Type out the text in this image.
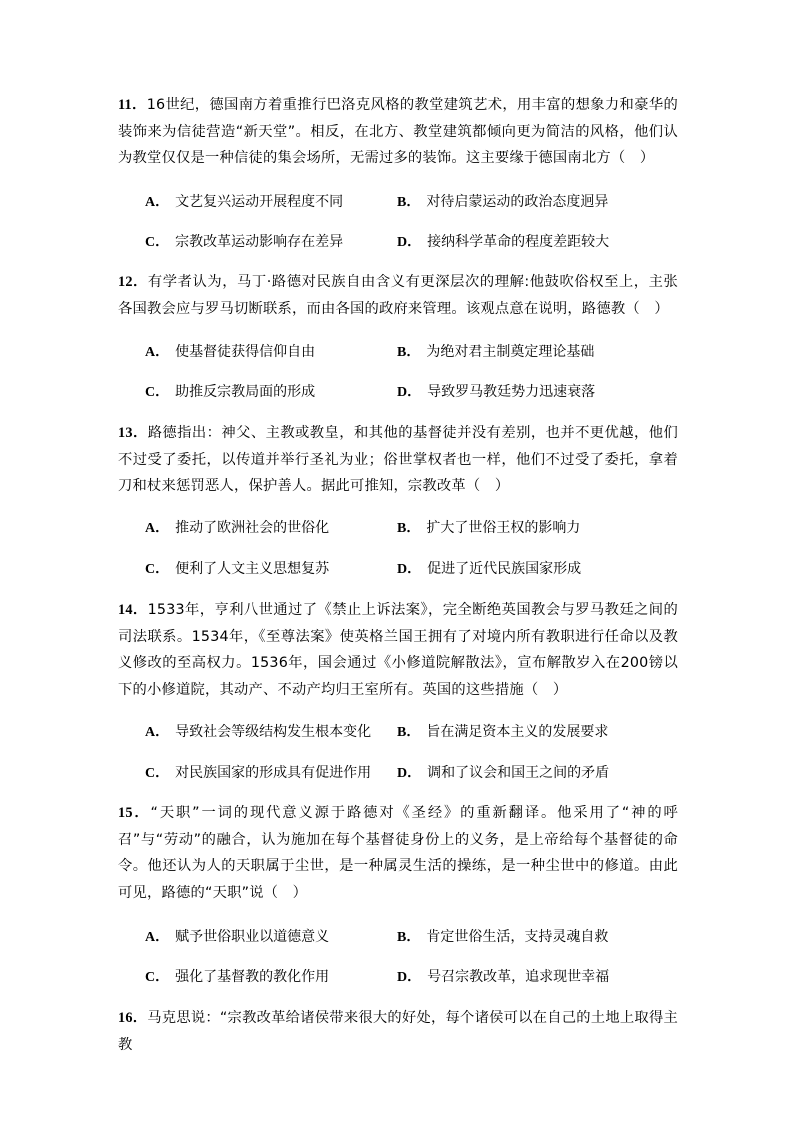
11．16世纪，德国南方着重推行巴洛克风格的教堂建筑艺术，用丰富的想象力和豪华的装饰来为信徒营造“新天堂”。相反，在北方、教堂建筑都倾向更为简洁的风格，他们认为教堂仅仅是一种信徒的集会场所，无需过多的装饰。这主要缘于德国南北方（　）
A． 文艺复兴运动开展程度不同	B． 对待启蒙运动的政治态度迥异
C． 宗教改革运动影响存在差异	D． 接纳科学革命的程度差距较大
12．有学者认为，马丁·路德对民族自由含义有更深层次的理解:他鼓吹俗权至上，主张各国教会应与罗马切断联系，而由各国的政府来管理。该观点意在说明，路德教（　）
A． 使基督徒获得信仰自由	B． 为绝对君主制奠定理论基础
C． 助推反宗教局面的形成	D． 导致罗马教廷势力迅速衰落
13．路德指出：神父、主教或教皇，和其他的基督徒并没有差别，也并不更优越，他们不过受了委托，以传道并举行圣礼为业；俗世掌权者也一样，他们不过受了委托，拿着刀和杖来惩罚恶人，保护善人。据此可推知，宗教改革（　）
A． 推动了欧洲社会的世俗化	B． 扩大了世俗王权的影响力
C． 便利了人文主义思想复苏	D． 促进了近代民族国家形成
14．1533年，亨利八世通过了《禁止上诉法案》，完全断绝英国教会与罗马教廷之间的司法联系。1534年，《至尊法案》使英格兰国王拥有了对境内所有教职进行任命以及教义修改的至高权力。1536年，国会通过《小修道院解散法》，宣布解散岁入在200镑以下的小修道院，其动产、不动产均归王室所有。英国的这些措施（　）
A． 导致社会等级结构发生根本变化 B． 旨在满足资本主义的发展要求
C． 对民族国家的形成具有促进作用 D． 调和了议会和国王之间的矛盾
15．“天职”一词的现代意义源于路德对《圣经》的重新翻译。他采用了“神的呼召”与“劳动”的融合，认为施加在每个基督徒身份上的义务，是上帝给每个基督徒的命令。他还认为人的天职属于尘世，是一种属灵生活的操练，是一种尘世中的修道。由此可见，路德的“天职”说（　）
A． 赋予世俗职业以道德意义	B． 肯定世俗生活，支持灵魂自救
C． 强化了基督教的教化作用	D． 号召宗教改革，追求现世幸福
16．马克思说：“宗教改革给诸侯带来很大的好处，每个诸侯可以在自己的土地上取得主教
